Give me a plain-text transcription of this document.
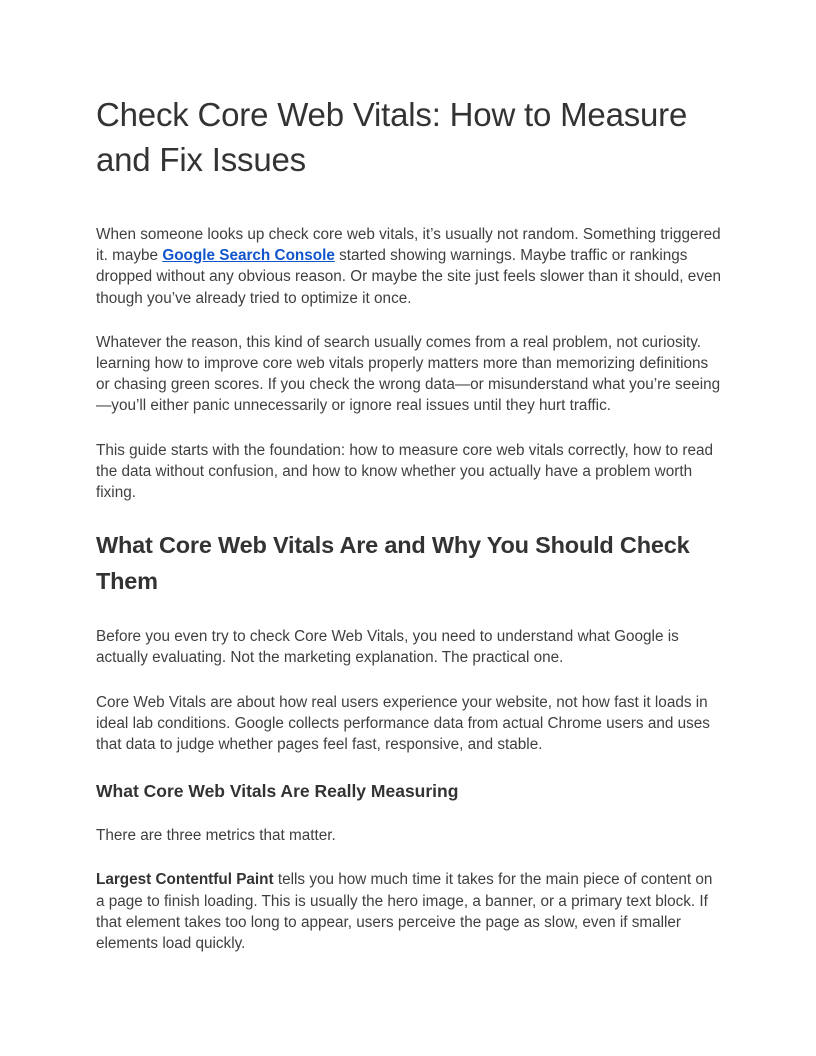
Check Core Web Vitals: How to Measure and Fix Issues

When someone looks up check core web vitals, it’s usually not random. Something triggered it. maybe Google Search Console started showing warnings. Maybe traffic or rankings dropped without any obvious reason. Or maybe the site just feels slower than it should, even though you’ve already tried to optimize it once.

Whatever the reason, this kind of search usually comes from a real problem, not curiosity. learning how to improve core web vitals properly matters more than memorizing definitions or chasing green scores. If you check the wrong data—or misunderstand what you’re seeing—you’ll either panic unnecessarily or ignore real issues until they hurt traffic.

This guide starts with the foundation: how to measure core web vitals correctly, how to read the data without confusion, and how to know whether you actually have a problem worth fixing.

What Core Web Vitals Are and Why You Should Check Them

Before you even try to check Core Web Vitals, you need to understand what Google is actually evaluating. Not the marketing explanation. The practical one.

Core Web Vitals are about how real users experience your website, not how fast it loads in ideal lab conditions. Google collects performance data from actual Chrome users and uses that data to judge whether pages feel fast, responsive, and stable.

What Core Web Vitals Are Really Measuring

There are three metrics that matter.

Largest Contentful Paint tells you how much time it takes for the main piece of content on a page to finish loading. This is usually the hero image, a banner, or a primary text block. If that element takes too long to appear, users perceive the page as slow, even if smaller elements load quickly.
